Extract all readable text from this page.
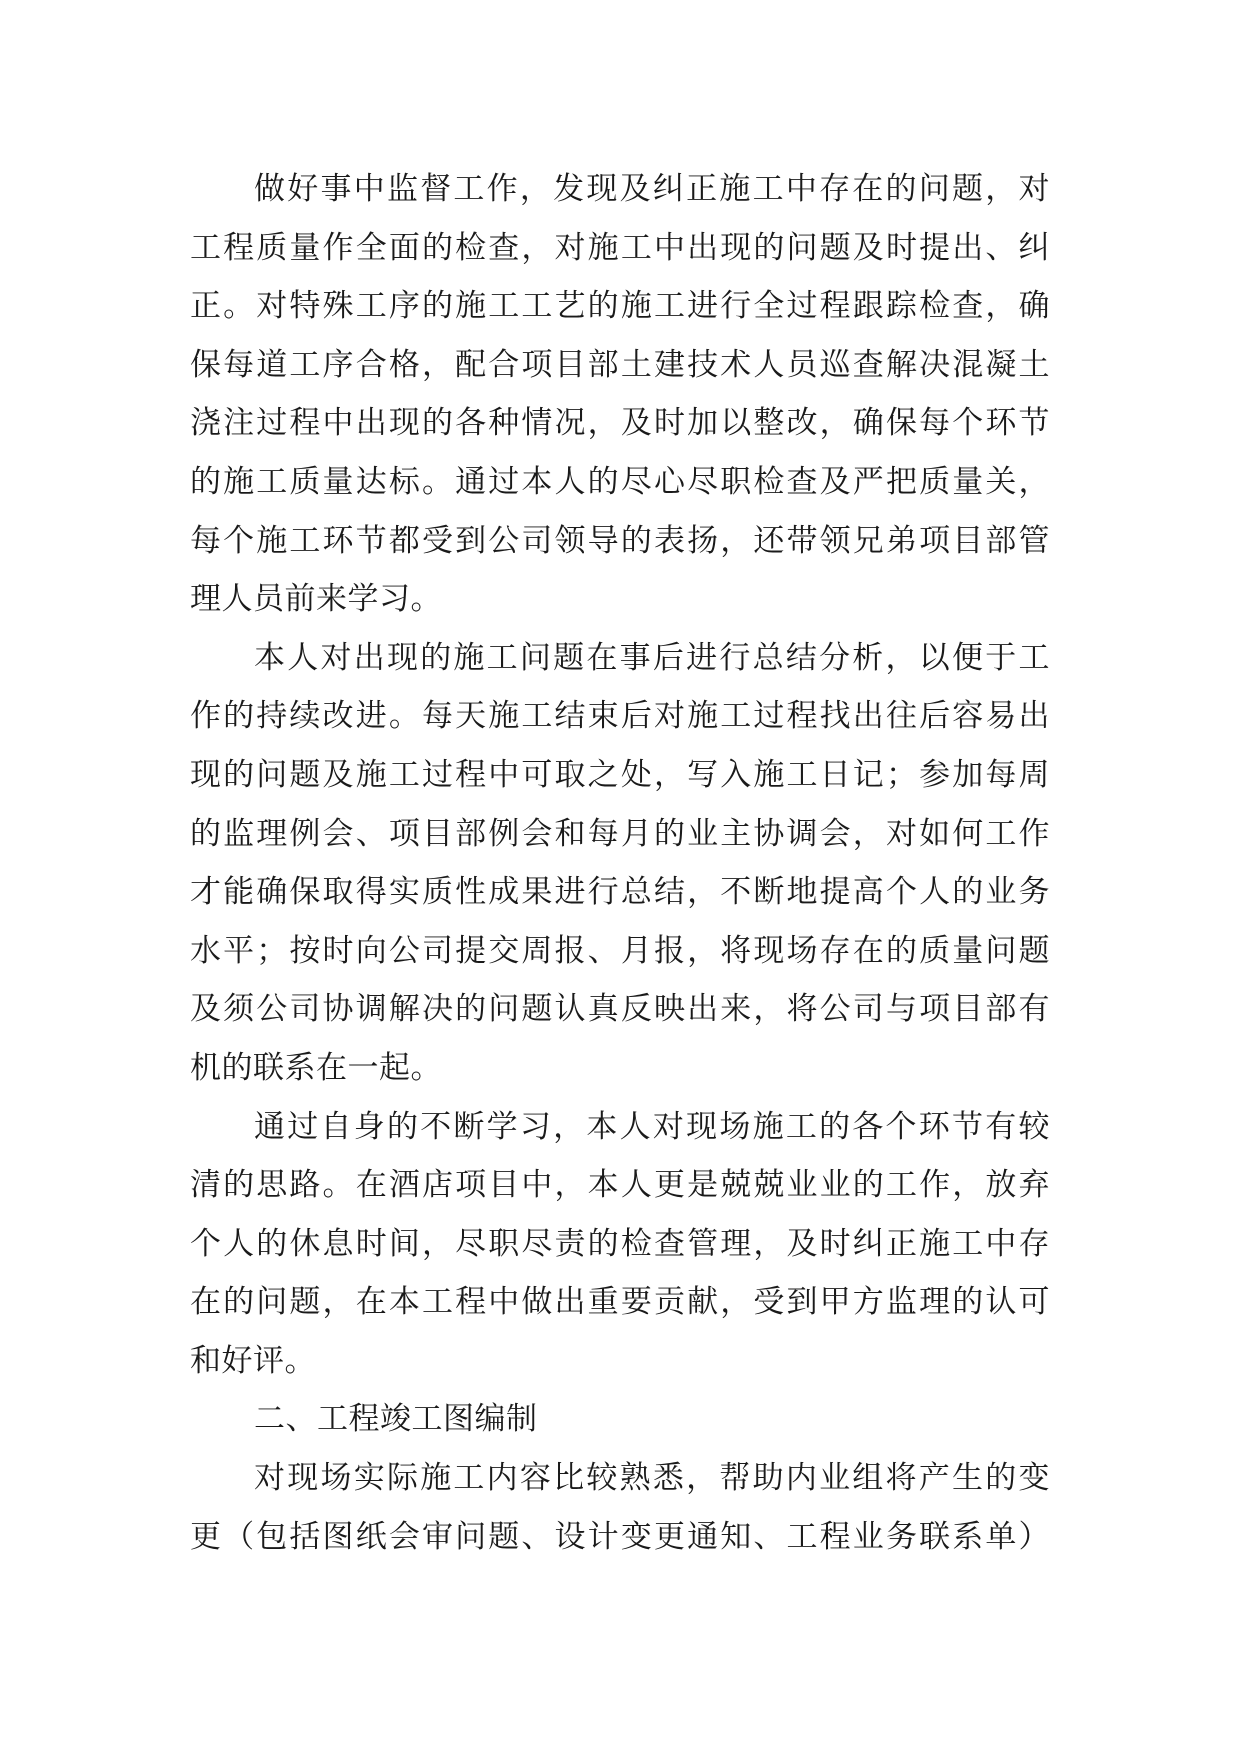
做好事中监督工作，发现及纠正施工中存在的问题，对
工程质量作全面的检查，对施工中出现的问题及时提出、纠
正。对特殊工序的施工工艺的施工进行全过程跟踪检查，确
保每道工序合格，配合项目部土建技术人员巡查解决混凝土
浇注过程中出现的各种情况，及时加以整改，确保每个环节
的施工质量达标。通过本人的尽心尽职检查及严把质量关，
每个施工环节都受到公司领导的表扬，还带领兄弟项目部管
理人员前来学习。
本人对出现的施工问题在事后进行总结分析，以便于工
作的持续改进。每天施工结束后对施工过程找出往后容易出
现的问题及施工过程中可取之处，写入施工日记；参加每周
的监理例会、项目部例会和每月的业主协调会，对如何工作
才能确保取得实质性成果进行总结，不断地提高个人的业务
水平；按时向公司提交周报、月报，将现场存在的质量问题
及须公司协调解决的问题认真反映出来，将公司与项目部有
机的联系在一起。
通过自身的不断学习，本人对现场施工的各个环节有较
清的思路。在酒店项目中，本人更是兢兢业业的工作，放弃
个人的休息时间，尽职尽责的检查管理，及时纠正施工中存
在的问题，在本工程中做出重要贡献，受到甲方监理的认可
和好评。
二、工程竣工图编制
对现场实际施工内容比较熟悉，帮助内业组将产生的变
更（包括图纸会审问题、设计变更通知、工程业务联系单）
